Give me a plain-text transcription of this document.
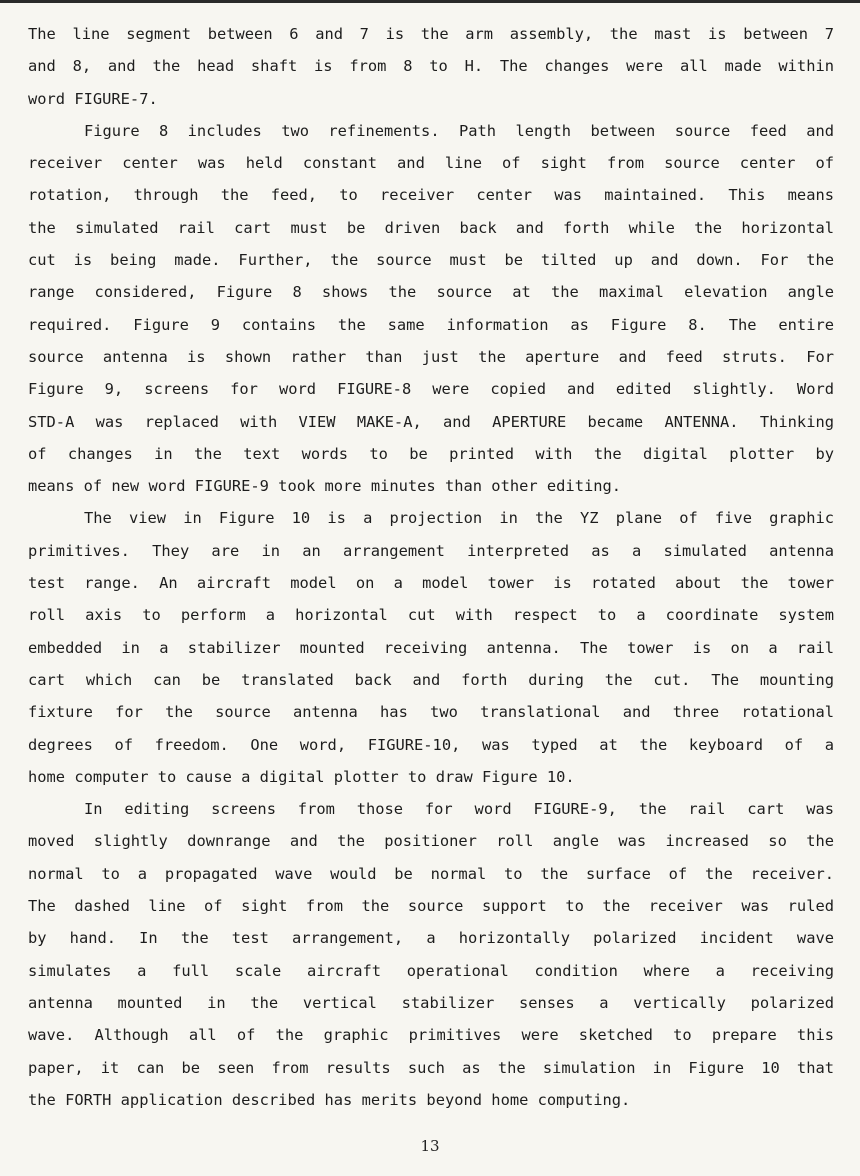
The line segment between 6 and 7 is the arm assembly, the mast is between 7
and 8, and the head shaft is from 8 to H. The changes were all made within
word FIGURE-7.
Figure 8 includes two refinements. Path length between source feed and
receiver center was held constant and line of sight from source center of
rotation, through the feed, to receiver center was maintained. This means
the simulated rail cart must be driven back and forth while the horizontal
cut is being made. Further, the source must be tilted up and down. For the
range considered, Figure 8 shows the source at the maximal elevation angle
required. Figure 9 contains the same information as Figure 8. The entire
source antenna is shown rather than just the aperture and feed struts. For
Figure 9, screens for word FIGURE-8 were copied and edited slightly. Word
STD-A was replaced with VIEW MAKE-A, and APERTURE became ANTENNA. Thinking
of changes in the text words to be printed with the digital plotter by
means of new word FIGURE-9 took more minutes than other editing.
The view in Figure 10 is a projection in the YZ plane of five graphic
primitives. They are in an arrangement interpreted as a simulated antenna
test range. An aircraft model on a model tower is rotated about the tower
roll axis to perform a horizontal cut with respect to a coordinate system
embedded in a stabilizer mounted receiving antenna. The tower is on a rail
cart which can be translated back and forth during the cut. The mounting
fixture for the source antenna has two translational and three rotational
degrees of freedom. One word, FIGURE-10, was typed at the keyboard of a
home computer to cause a digital plotter to draw Figure 10.
In editing screens from those for word FIGURE-9, the rail cart was
moved slightly downrange and the positioner roll angle was increased so the
normal to a propagated wave would be normal to the surface of the receiver.
The dashed line of sight from the source support to the receiver was ruled
by hand. In the test arrangement, a horizontally polarized incident wave
simulates a full scale aircraft operational condition where a receiving
antenna mounted in the vertical stabilizer senses a vertically polarized
wave. Although all of the graphic primitives were sketched to prepare this
paper, it can be seen from results such as the simulation in Figure 10 that
the FORTH application described has merits beyond home computing.
13
